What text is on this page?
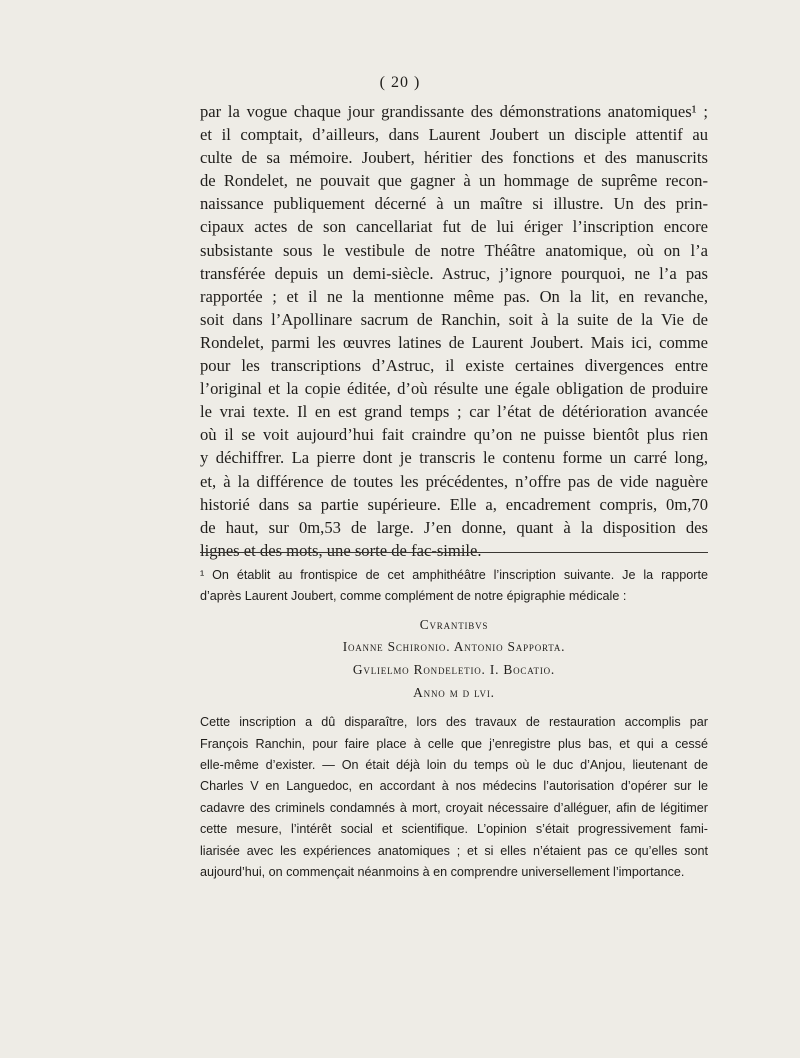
( 20 )
par la vogue chaque jour grandissante des démonstrations anatomiques¹ ;
et il comptait, d’ailleurs, dans Laurent Joubert un disciple attentif au
culte de sa mémoire. Joubert, héritier des fonctions et des manuscrits
de Rondelet, ne pouvait que gagner à un hommage de suprême recon-
naissance publiquement décerné à un maître si illustre. Un des prin-
cipaux actes de son cancellariat fut de lui ériger l’inscription encore
subsistante sous le vestibule de notre Théâtre anatomique, où on l’a
transférée depuis un demi-siècle. Astruc, j’ignore pourquoi, ne l’a pas
rapportée ; et il ne la mentionne même pas. On la lit, en revanche,
soit dans l’Apollinare sacrum de Ranchin, soit à la suite de la Vie de
Rondelet, parmi les œuvres latines de Laurent Joubert. Mais ici, comme
pour les transcriptions d’Astruc, il existe certaines divergences entre
l’original et la copie éditée, d’où résulte une égale obligation de produire
le vrai texte. Il en est grand temps ; car l’état de détérioration avancée
où il se voit aujourd’hui fait craindre qu’on ne puisse bientôt plus rien
y déchiffrer. La pierre dont je transcris le contenu forme un carré long,
et, à la différence de toutes les précédentes, n’offre pas de vide naguère
historié dans sa partie supérieure. Elle a, encadrement compris, 0m,70
de haut, sur 0m,53 de large. J’en donne, quant à la disposition des
lignes et des mots, une sorte de fac-simile.
¹ On établit au frontispice de cet amphithéâtre l’inscription suivante. Je la rapporte
d’après Laurent Joubert, comme complément de notre épigraphie médicale :
Cvrantibvs
Ioanne Schironio. Antonio Sapporta.
Gvlielmo Rondeletio. I. Bocatio.
Anno m d lvi.
Cette inscription a dû disparaître, lors des travaux de restauration accomplis par
François Ranchin, pour faire place à celle que j’enregistre plus bas, et qui a cessé
elle-même d’exister. — On était déjà loin du temps où le duc d’Anjou, lieutenant de
Charles V en Languedoc, en accordant à nos médecins l’autorisation d’opérer sur le
cadavre des criminels condamnés à mort, croyait nécessaire d’alléguer, afin de légitimer
cette mesure, l’intérêt social et scientifique. L’opinion s’était progressivement fami-
liarisée avec les expériences anatomiques ; et si elles n’étaient pas ce qu’elles sont
aujourd’hui, on commençait néanmoins à en comprendre universellement l’importance.
